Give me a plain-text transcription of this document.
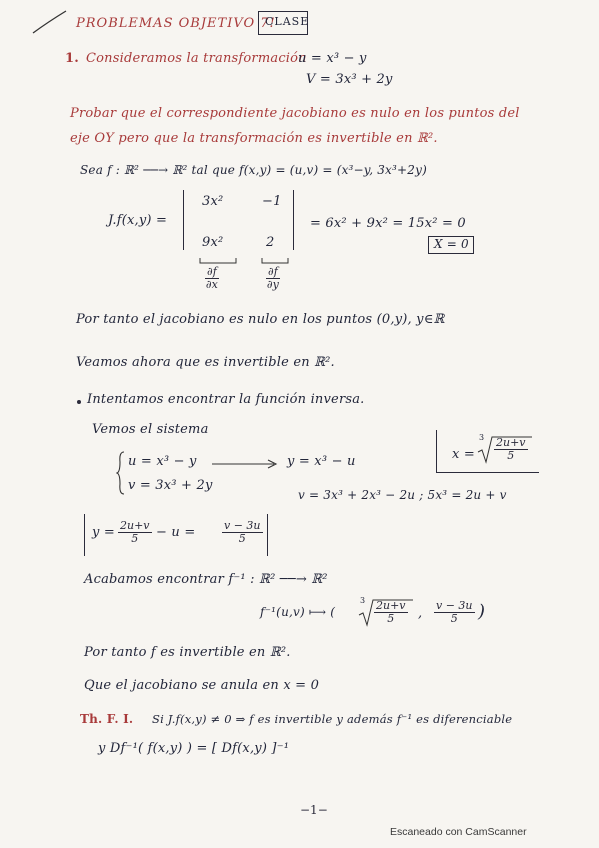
PROBLEMAS OBJETIVO 7!
CLASE
1. Consideramos la transformación
u = x³ − y
V = 3x³ + 2y
Probar que el correspondiente jacobiano es nulo en los puntos del
eje OY pero que la transformación es invertible en ℝ².
Sea f : ℝ² ──→ ℝ² tal que f(x,y) = (u,v) = (x³−y, 3x³+2y)
J.f(x,y) =
3x²	−1
9x²	2
= 6x² + 9x² = 15x² = 0
X = 0
$\frac{\partial f}{\partial x}$	$\frac{\partial f}{\partial y}$
Por tanto el jacobiano es nulo en los puntos (0,y), y∈ℝ
Veamos ahora que es invertible en ℝ².
Intentamos encontrar la función inversa.
Vemos el sistema
u = x³ − y
v = 3x³ + 2y
y = x³ − u
v = 3x³ + 2x³ − 2u ; 5x³ = 2u + v
x =
$3 \frac{2u+v}{5}$
$y = \frac{2u+v}{5} - u = \frac{v - 3u}{5}$
Acabamos encontrar f⁻¹ : ℝ² ──→ ℝ²
f⁻¹(u,v) ⟼ (
$3 \frac{2u+v}{5}$ , $\frac{v - 3u}{5}$ )
Por tanto f es invertible en ℝ².
Que el jacobiano se anula en x = 0
Th. F. I. Si J.f(x,y) ≠ 0 ⇒ f es invertible y además f⁻¹ es diferenciable
y Df⁻¹( f(x,y) ) = [ Df(x,y) ]⁻¹
−1−
Escaneado con CamScanner
